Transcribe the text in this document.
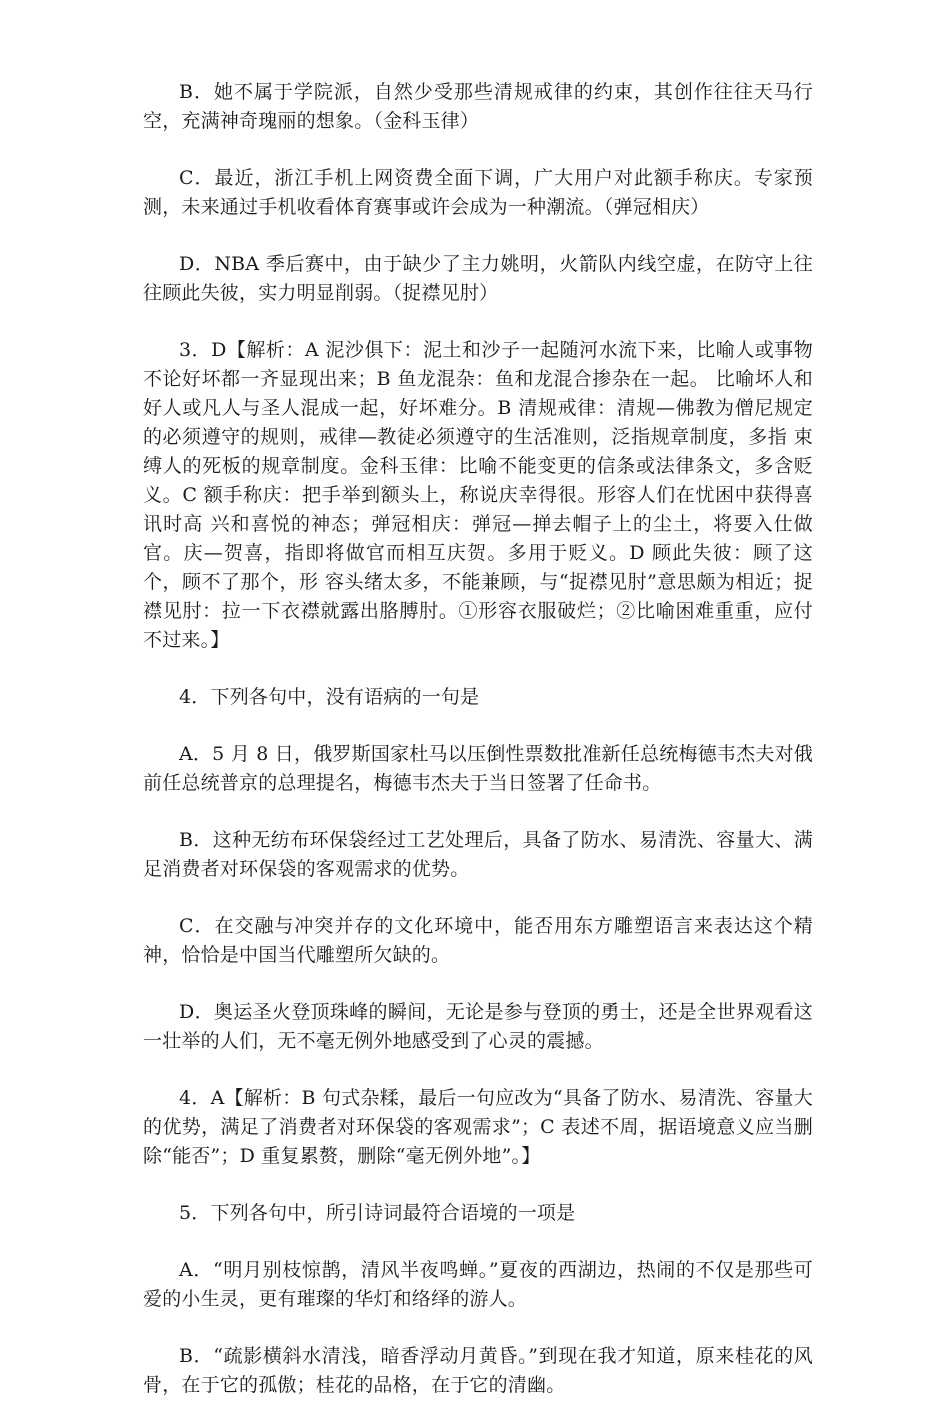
B．她不属于学院派，自然少受那些清规戒律的约束，其创作往往天马行空，充满神奇瑰丽的想象。（金科玉律）

C．最近，浙江手机上网资费全面下调，广大用户对此额手称庆。专家预测，未来通过手机收看体育赛事或许会成为一种潮流。（弹冠相庆）

D．NBA 季后赛中，由于缺少了主力姚明，火箭队内线空虚，在防守上往往顾此失彼，实力明显削弱。（捉襟见肘）

3．D【解析：A 泥沙俱下：泥土和沙子一起随河水流下来，比喻人或事物不论好坏都一齐显现出来；B 鱼龙混杂：鱼和龙混合掺杂在一起。 比喻坏人和好人或凡人与圣人混成一起，好坏难分。B 清规戒律：清规—佛教为僧尼规定的必须遵守的规则，戒律—教徒必须遵守的生活准则，泛指规章制度，多指 束缚人的死板的规章制度。金科玉律：比喻不能变更的信条或法律条文，多含贬义。C 额手称庆：把手举到额头上，称说庆幸得很。形容人们在忧困中获得喜讯时高 兴和喜悦的神态；弹冠相庆：弹冠—掸去帽子上的尘土，将要入仕做官。庆—贺喜，指即将做官而相互庆贺。多用于贬义。D 顾此失彼：顾了这个，顾不了那个，形 容头绪太多，不能兼顾，与“捉襟见肘”意思颇为相近；捉襟见肘：拉一下衣襟就露出胳膊肘。①形容衣服破烂；②比喻困难重重，应付不过来。】

4．下列各句中，没有语病的一句是

A．5 月 8 日，俄罗斯国家杜马以压倒性票数批准新任总统梅德韦杰夫对俄前任总统普京的总理提名，梅德韦杰夫于当日签署了任命书。

B．这种无纺布环保袋经过工艺处理后，具备了防水、易清洗、容量大、满足消费者对环保袋的客观需求的优势。

C．在交融与冲突并存的文化环境中，能否用东方雕塑语言来表达这个精神，恰恰是中国当代雕塑所欠缺的。

D．奥运圣火登顶珠峰的瞬间，无论是参与登顶的勇士，还是全世界观看这一壮举的人们，无不毫无例外地感受到了心灵的震撼。

4．A【解析：B 句式杂糅，最后一句应改为“具备了防水、易清洗、容量大的优势，满足了消费者对环保袋的客观需求”；C 表述不周，据语境意义应当删除“能否”；D 重复累赘，删除“毫无例外地”。】

5．下列各句中，所引诗词最符合语境的一项是

A．“明月别枝惊鹊，清风半夜鸣蝉。”夏夜的西湖边，热闹的不仅是那些可爱的小生灵，更有璀璨的华灯和络绎的游人。

B．“疏影横斜水清浅，暗香浮动月黄昏。”到现在我才知道，原来桂花的风骨，在于它的孤傲；桂花的品格，在于它的清幽。
